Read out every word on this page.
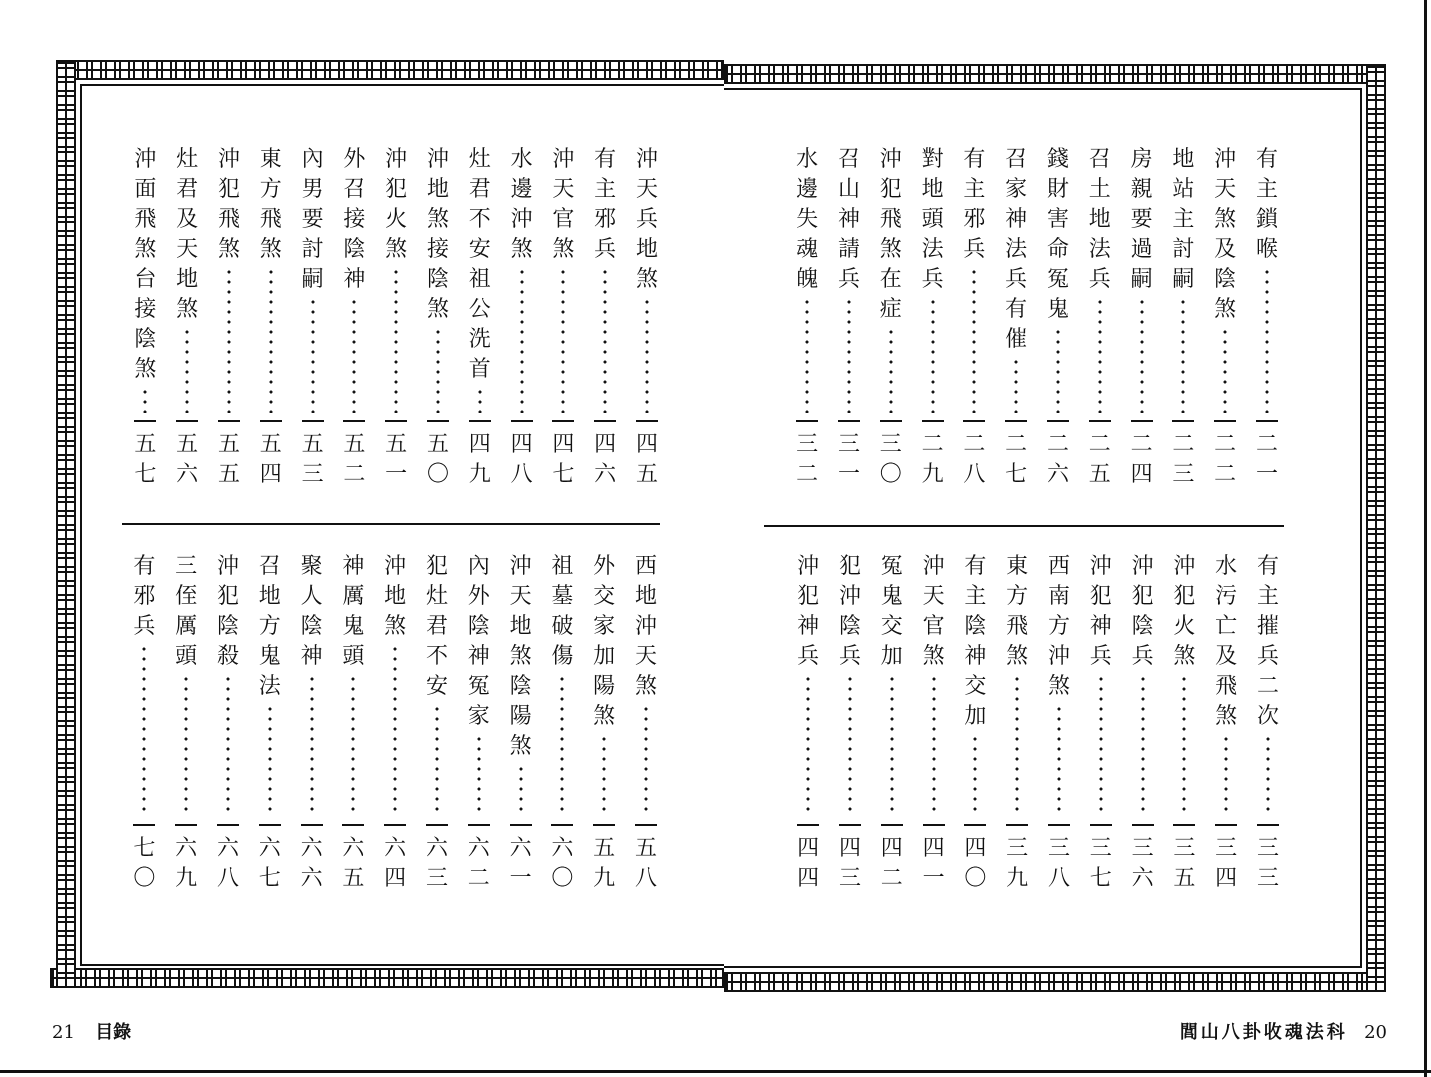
沖
天
兵
地
煞
四
五
有
主
邪
兵
四
六
沖
天
官
煞
四
七
水
邊
沖
煞
四
八
灶
君
不
安
祖
公
洗
首
四
九
沖
地
煞
接
陰
煞
五
〇
沖
犯
火
煞
五
一
外
召
接
陰
神
五
二
內
男
要
討
嗣
五
三
東
方
飛
煞
五
四
沖
犯
飛
煞
五
五
灶
君
及
天
地
煞
五
六
沖
面
飛
煞
台
接
陰
煞
五
七
西
地
沖
天
煞
五
八
外
交
家
加
陽
煞
五
九
祖
墓
破
傷
六
〇
沖
天
地
煞
陰
陽
煞
六
一
內
外
陰
神
冤
家
六
二
犯
灶
君
不
安
六
三
沖
地
煞
六
四
神
厲
鬼
頭
六
五
聚
人
陰
神
六
六
召
地
方
鬼
法
六
七
沖
犯
陰
殺
六
八
三
侄
厲
頭
六
九
有
邪
兵
七
〇
有
主
鎖
喉
二
一
沖
天
煞
及
陰
煞
二
二
地
站
主
討
嗣
二
三
房
親
要
過
嗣
二
四
召
土
地
法
兵
二
五
錢
財
害
命
冤
鬼
二
六
召
家
神
法
兵
有
催
二
七
有
主
邪
兵
二
八
對
地
頭
法
兵
二
九
沖
犯
飛
煞
在
症
三
〇
召
山
神
請
兵
三
一
水
邊
失
魂
魄
三
二
有
主
摧
兵
二
次
三
三
水
污
亡
及
飛
煞
三
四
沖
犯
火
煞
三
五
沖
犯
陰
兵
三
六
沖
犯
神
兵
三
七
西
南
方
沖
煞
三
八
東
方
飛
煞
三
九
有
主
陰
神
交
加
四
〇
沖
天
官
煞
四
一
冤
鬼
交
加
四
二
犯
沖
陰
兵
四
三
沖
犯
神
兵
四
四
21 目錄	閭山八卦收魂法科 20
